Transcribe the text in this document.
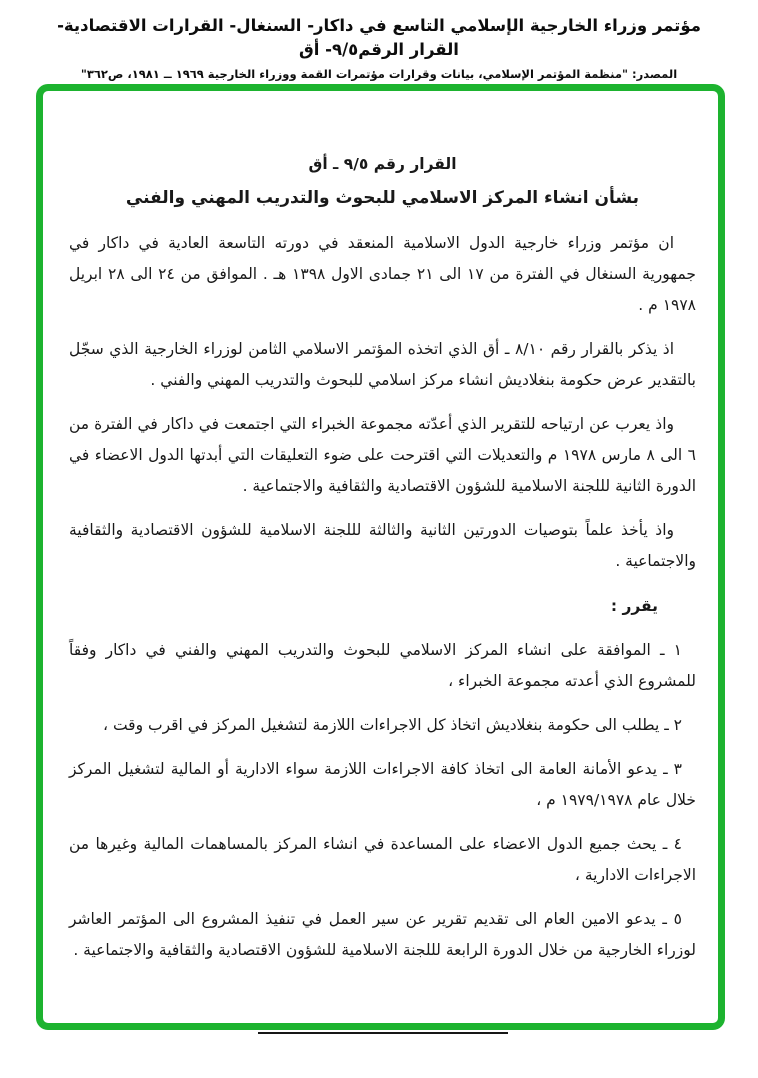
مؤتمر وزراء الخارجية الإسلامي التاسع في داكار- السنغال- القرارات الاقتصادية- القرار الرقم٩/٥- أق
المصدر: "منظمة المؤتمر الإسلامي، بيانات وقرارات مؤتمرات القمة ووزراء الخارجية ١٩٦٩ ــ ١٩٨١، ص٣٦٢"
القرار رقم ٩/٥ ـ أق
بشأن انشاء المركز الاسلامي للبحوث والتدريب المهني والفني

ان مؤتمر وزراء خارجية الدول الاسلامية المنعقد في دورته التاسعة العادية في داكار في جمهورية السنغال في الفترة من ١٧ الى ٢١ جمادى الاول ١٣٩٨ هـ . الموافق من ٢٤ الى ٢٨ ابريل ١٩٧٨ م .

اذ يذكر بالقرار رقم ٨/١٠ ـ أق الذي اتخذه المؤتمر الاسلامي الثامن لوزراء الخارجية الذي سجّل بالتقدير عرض حكومة بنغلاديش انشاء مركز اسلامي للبحوث والتدريب المهني والفني .

واذ يعرب عن ارتياحه للتقرير الذي أعدّته مجموعة الخبراء التي اجتمعت في داكار في الفترة من ٦ الى ٨ مارس ١٩٧٨ م والتعديلات التي اقترحت على ضوء التعليقات التي أبدتها الدول الاعضاء في الدورة الثانية لللجنة الاسلامية للشؤون الاقتصادية والثقافية والاجتماعية .

واذ يأخذ علماً بتوصيات الدورتين الثانية والثالثة لللجنة الاسلامية للشؤون الاقتصادية والثقافية والاجتماعية .

يقرر :

١ ـ الموافقة على انشاء المركز الاسلامي للبحوث والتدريب المهني والفني في داكار وفقاً للمشروع الذي أعدته مجموعة الخبراء ،

٢ ـ يطلب الى حكومة بنغلاديش اتخاذ كل الاجراءات اللازمة لتشغيل المركز في اقرب وقت ،

٣ ـ يدعو الأمانة العامة الى اتخاذ كافة الاجراءات اللازمة سواء الادارية أو المالية لتشغيل المركز خلال عام ١٩٧٩/١٩٧٨ م ،

٤ ـ يحث جميع الدول الاعضاء على المساعدة في انشاء المركز بالمساهمات المالية وغيرها من الاجراءات الادارية ،

٥ ـ يدعو الامين العام الى تقديم تقرير عن سير العمل في تنفيذ المشروع الى المؤتمر العاشر لوزراء الخارجية من خلال الدورة الرابعة لللجنة الاسلامية للشؤون الاقتصادية والثقافية والاجتماعية .
